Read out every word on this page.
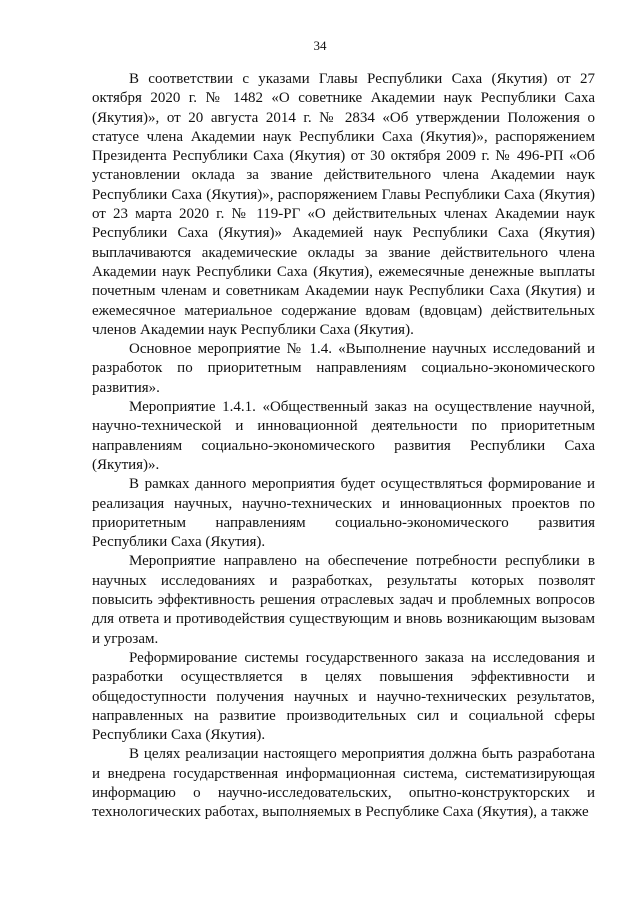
34

В соответствии с указами Главы Республики Саха (Якутия) от 27 октября 2020 г. № 1482 «О советнике Академии наук Республики Саха (Якутия)», от 20 августа 2014 г. № 2834 «Об утверждении Положения о статусе члена Академии наук Республики Саха (Якутия)», распоряжением Президента Республики Саха (Якутия) от 30 октября 2009 г. № 496-РП «Об установлении оклада за звание действительного члена Академии наук Республики Саха (Якутия)», распоряжением Главы Республики Саха (Якутия) от 23 марта 2020 г. № 119-РГ «О действительных членах Академии наук Республики Саха (Якутия)» Академией наук Республики Саха (Якутия) выплачиваются академические оклады за звание действительного члена Академии наук Республики Саха (Якутия), ежемесячные денежные выплаты почетным членам и советникам Академии наук Республики Саха (Якутия) и ежемесячное материальное содержание вдовам (вдовцам) действительных членов Академии наук Республики Саха (Якутия).

Основное мероприятие № 1.4. «Выполнение научных исследований и разработок по приоритетным направлениям социально-экономического развития».

Мероприятие 1.4.1. «Общественный заказ на осуществление научной, научно-технической и инновационной деятельности по приоритетным направлениям социально-экономического развития Республики Саха (Якутия)».

В рамках данного мероприятия будет осуществляться формирование и реализация научных, научно-технических и инновационных проектов по приоритетным направлениям социально-экономического развития Республики Саха (Якутия).

Мероприятие направлено на обеспечение потребности республики в научных исследованиях и разработках, результаты которых позволят повысить эффективность решения отраслевых задач и проблемных вопросов для ответа и противодействия существующим и вновь возникающим вызовам и угрозам.

Реформирование системы государственного заказа на исследования и разработки осуществляется в целях повышения эффективности и общедоступности получения научных и научно-технических результатов, направленных на развитие производительных сил и социальной сферы Республики Саха (Якутия).

В целях реализации настоящего мероприятия должна быть разработана и внедрена государственная информационная система, систематизирующая информацию о научно-исследовательских, опытно-конструкторских и технологических работах, выполняемых в Республике Саха (Якутия), а также
